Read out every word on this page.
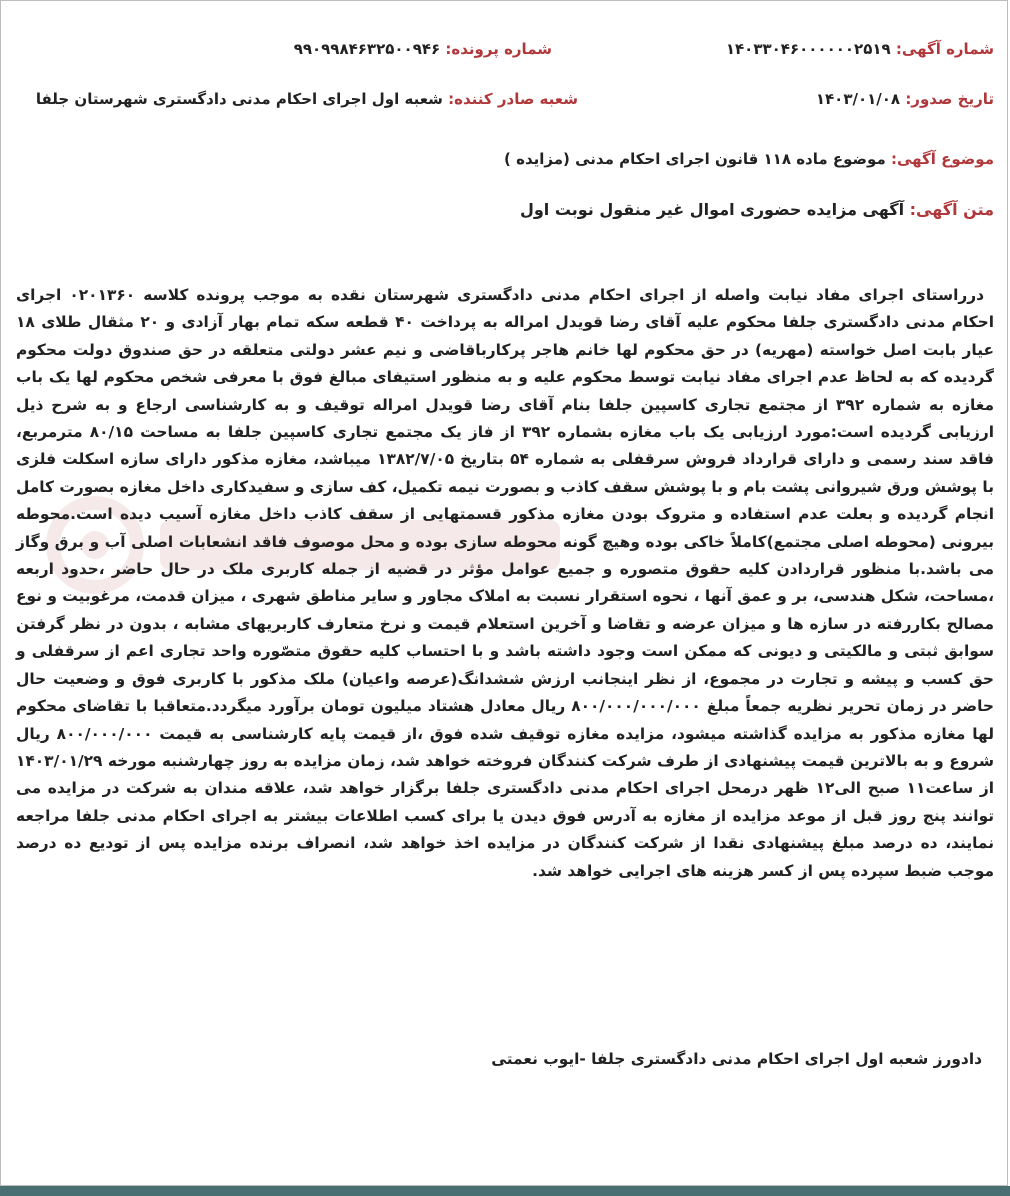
شماره آگهی: ۱۴۰۳۳۰۴۶۰۰۰۰۰۰۲۵۱۹
شماره پرونده: ۹۹۰۹۹۸۴۶۳۲۵۰۰۹۴۶
تاریخ صدور: ۱۴۰۳/۰۱/۰۸
شعبه صادر کننده: شعبه اول اجرای احکام مدنی دادگستری شهرستان جلفا
موضوع آگهی: موضوع ماده ۱۱۸ قانون اجرای احکام مدنی (مزایده )
متن آگهی: آگهی مزایده حضوری اموال غیر منقول نوبت اول

درراستای اجرای مفاد نیابت واصله از اجرای احکام مدنی دادگستری شهرستان نقده به موجب پرونده کلاسه ۰۲۰۱۳۶۰ اجرای احکام مدنی دادگستری جلفا محکوم علیه آقای رضا قویدل امراله به پرداخت ۴۰ قطعه سکه تمام بهار آزادی و ۲۰ مثقال طلای ۱۸ عیار بابت اصل خواسته (مهریه) در حق محکوم لها خانم هاجر پرکارباقاضی و نیم عشر دولتی متعلقه در حق صندوق دولت محکوم گردیده که به لحاظ عدم اجرای مفاد نیابت توسط محکوم علیه و به منظور استیفای مبالغ فوق با معرفی شخص محکوم لها یک باب مغازه به شماره ۳۹۲ از مجتمع تجاری کاسپین جلفا بنام آقای رضا قویدل امراله توقیف و به کارشناسی ارجاع و به شرح ذیل ارزیابی گردیده است:مورد ارزیابی یک باب مغازه بشماره ۳۹۲ از فاز یک مجتمع تجاری کاسپین جلفا به مساحت ۸۰/۱۵ مترمربع، فاقد سند رسمی و دارای قرارداد فروش سرقفلی به شماره ۵۴ بتاریخ ۱۳۸۲/۷/۰۵ میباشد، مغازه مذکور دارای سازه اسکلت فلزی با پوشش ورق شیروانی پشت بام و با پوشش سقف کاذب و بصورت نیمه تکمیل، کف سازی و سفیدکاری داخل مغازه بصورت کامل انجام گردیده و بعلت عدم استفاده و متروک بودن مغازه مذکور قسمتهایی از سقف کاذب داخل مغازه آسیب دیده است.محوطه بیرونی (محوطه اصلی مجتمع)کاملاً خاکی بوده وهیچ گونه محوطه سازی بوده و محل موصوف فاقد انشعابات اصلی آب و برق وگاز می باشد.با منظور قراردادن کلیه حقوق متصوره و جمیع عوامل مؤثر در قضیه از جمله کاربری ملک در حال حاضر ،حدود اربعه ،مساحت، شکل هندسی، بر و عمق آنها ، نحوه استقرار نسبت به املاک مجاور و سایر مناطق شهری ، میزان قدمت، مرغوبیت و نوع مصالح بکاررفته در سازه ها و میزان عرضه و تقاضا و آخرین استعلام قیمت و نرخ متعارف کاربریهای مشابه ، بدون در نظر گرفتن سوابق ثبتی و مالکیتی و دیونی که ممکن است وجود داشته باشد و با احتساب کلیه حقوق متصّوره واحد تجاری اعم از سرقفلی و حق کسب و پیشه و تجارت در مجموع، از نظر اینجانب ارزش ششدانگ(عرصه واعیان) ملک مذکور با کاربری فوق و وضعیت حال حاضر در زمان تحریر نظریه جمعاً مبلغ ۸۰۰/۰۰۰/۰۰۰/۰۰۰ ریال معادل هشتاد میلیون تومان برآورد میگردد.متعاقبا با تقاضای محکوم لها مغازه مذکور به مزایده گذاشته میشود، مزایده مغازه توقیف شده فوق ،از قیمت پایه کارشناسی به قیمت ۸۰۰/۰۰۰/۰۰۰ ریال شروع و به بالاترین قیمت پیشنهادی از طرف شرکت کنندگان فروخته خواهد شد، زمان مزایده به روز چهارشنبه مورخه ۱۴۰۳/۰۱/۲۹ از ساعت۱۱ صبح الی۱۲ ظهر درمحل اجرای احکام مدنی دادگستری جلفا برگزار خواهد شد، علاقه مندان به شرکت در مزایده می توانند پنج روز قبل از موعد مزایده از مغازه به آدرس فوق دیدن یا برای کسب اطلاعات بیشتر به اجرای احکام مدنی جلفا مراجعه نمایند، ده درصد مبلغ پیشنهادی نقدا از شرکت کنندگان در مزایده اخذ خواهد شد، انصراف برنده مزایده پس از تودیع ده درصد موجب ضبط سپرده پس از کسر هزینه های اجرایی خواهد شد.

دادورز شعبه اول اجرای احکام مدنی دادگستری جلفا -ایوب نعمتی
